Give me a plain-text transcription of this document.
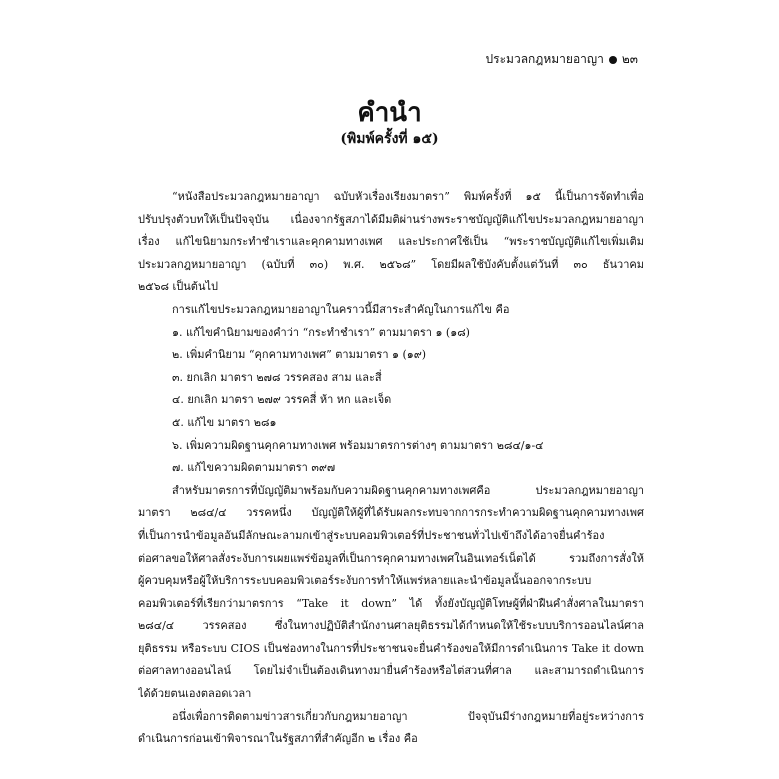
ประมวลกฎหมายอาญา ๒๓
คำนำ
(พิมพ์ครั้งที่ ๑๕)
“หนังสือประมวลกฎหมายอาญา ฉบับหัวเรื่องเรียงมาตรา” พิมพ์ครั้งที่ ๑๕ นี้เป็นการจัดทำเพื่อ
ปรับปรุงตัวบทให้เป็นปัจจุบัน เนื่องจากรัฐสภาได้มีมติผ่านร่างพระราชบัญญัติแก้ไขประมวลกฎหมายอาญา
เรื่อง แก้ไขนิยามกระทำชำเราและคุกคามทางเพศ และประกาศใช้เป็น “พระราชบัญญัติแก้ไขเพิ่มเติม
ประมวลกฎหมายอาญา (ฉบับที่ ๓๐) พ.ศ. ๒๕๖๘” โดยมีผลใช้บังคับตั้งแต่วันที่ ๓๐ ธันวาคม
๒๕๖๘ เป็นต้นไป
การแก้ไขประมวลกฎหมายอาญาในคราวนี้มีสาระสำคัญในการแก้ไข คือ
๑. แก้ไขคำนิยามของคำว่า “กระทำชำเรา” ตามมาตรา ๑ (๑๘)
๒. เพิ่มคำนิยาม “คุกคามทางเพศ” ตามมาตรา ๑ (๑๙)
๓. ยกเลิก มาตรา ๒๗๘ วรรคสอง สาม และสี่
๔. ยกเลิก มาตรา ๒๗๙ วรรคสี่ ห้า หก และเจ็ด
๕. แก้ไข มาตรา ๒๘๑
๖. เพิ่มความผิดฐานคุกคามทางเพศ พร้อมมาตรการต่างๆ ตามมาตรา ๒๘๔/๑-๔
๗. แก้ไขความผิดตามมาตรา ๓๙๗
สำหรับมาตรการที่บัญญัติมาพร้อมกับความผิดฐานคุกคามทางเพศคือ ประมวลกฎหมายอาญา
มาตรา ๒๘๔/๔ วรรคหนึ่ง บัญญัติให้ผู้ที่ได้รับผลกระทบจากการกระทำความผิดฐานคุกคามทางเพศ
ที่เป็นการนำข้อมูลอันมีลักษณะลามกเข้าสู่ระบบคอมพิวเตอร์ที่ประชาชนทั่วไปเข้าถึงได้อาจยื่นคำร้อง
ต่อศาลขอให้ศาลสั่งระงับการเผยแพร่ข้อมูลที่เป็นการคุกคามทางเพศในอินเทอร์เน็ตได้ รวมถึงการสั่งให้
ผู้ควบคุมหรือผู้ให้บริการระบบคอมพิวเตอร์ระงับการทำให้แพร่หลายและนำข้อมูลนั้นออกจากระบบ
คอมพิวเตอร์ที่เรียกว่ามาตรการ “Take it down” ได้ ทั้งยังบัญญัติโทษผู้ที่ฝ่าฝืนคำสั่งศาลในมาตรา
๒๘๔/๔ วรรคสอง ซึ่งในทางปฏิบัติสำนักงานศาลยุติธรรมได้กำหนดให้ใช้ระบบบริการออนไลน์ศาล
ยุติธรรม หรือระบบ CIOS เป็นช่องทางในการที่ประชาชนจะยื่นคำร้องขอให้มีการดำเนินการ Take it down
ต่อศาลทางออนไลน์ โดยไม่จำเป็นต้องเดินทางมายื่นคำร้องหรือไต่สวนที่ศาล และสามารถดำเนินการ
ได้ด้วยตนเองตลอดเวลา
อนึ่งเพื่อการติดตามข่าวสารเกี่ยวกับกฎหมายอาญา ปัจจุบันมีร่างกฎหมายที่อยู่ระหว่างการ
ดำเนินการก่อนเข้าพิจารณาในรัฐสภาที่สำคัญอีก ๒ เรื่อง คือ
